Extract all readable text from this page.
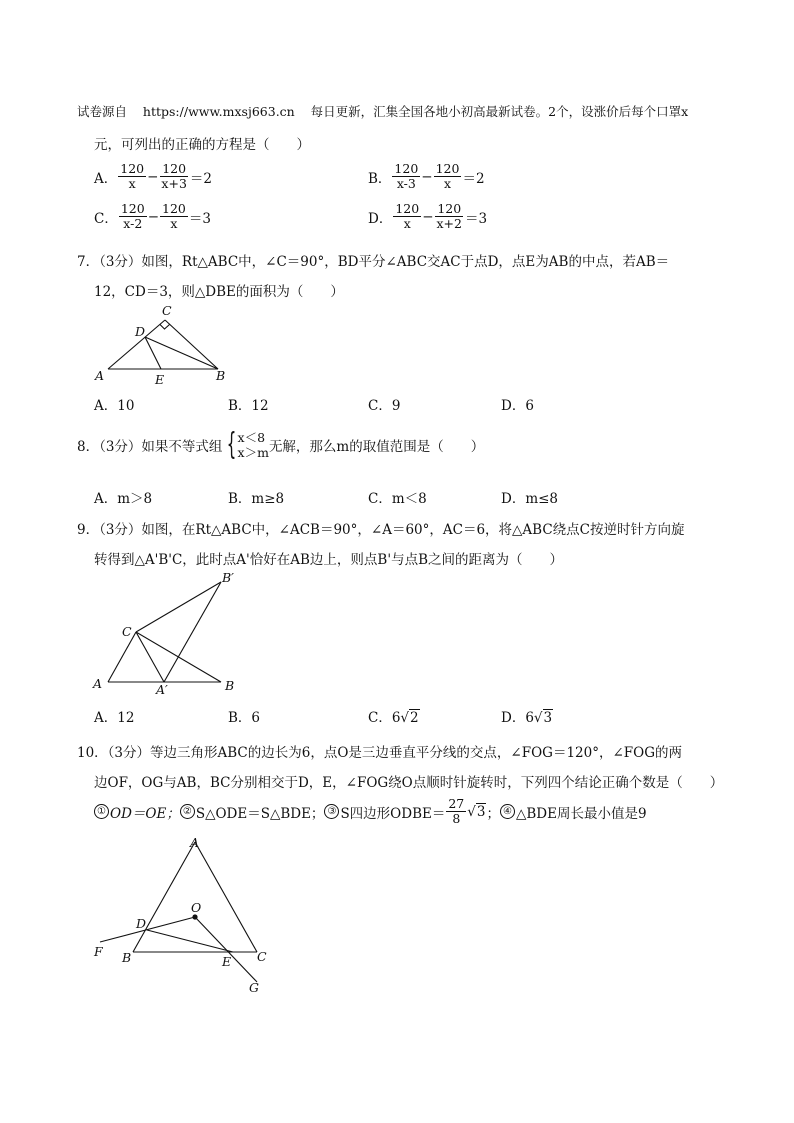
试卷源自 https://www.mxsj663.cn 每日更新，汇集全国各地小初高最新试卷。2个，设涨价后每个口罩x
元，可列出的正确的方程是（　　）
A． $\frac{120}{x} - \frac{120}{x+3} =2$	B． $\frac{120}{x-3} - \frac{120}{x} =2$
C． $\frac{120}{x-2} - \frac{120}{x} =3$	D． $\frac{120}{x} - \frac{120}{x+2} =3$
7．（3分）如图，Rt△ABC中，∠C＝90°，BD平分∠ABC交AC于点D，点E为AB的中点，若AB＝
12，CD＝3，则△DBE的面积为（　　）
C
D
A	E	B
A．10	B．12	C．9	D．6
8．（3分）如果不等式组 { x＜8
x＞m 无解，那么m的取值范围是（　　）
A．m＞8	B．m≥8	C．m＜8	D．m≤8
9．（3分）如图，在Rt△ABC中，∠ACB＝90°，∠A＝60°，AC＝6，将△ABC绕点C按逆时针方向旋
转得到△A'B'C，此时点A'恰好在AB边上，则点B'与点B之间的距离为（　　）
B′
C
A	A′	B
A．12	B．6	C．6√2	D．6√3
10．（3分）等边三角形ABC的边长为6，点O是三边垂直平分线的交点，∠FOG＝120°，∠FOG的两
边OF，OG与AB，BC分别相交于D，E，∠FOG绕O点顺时针旋转时，下列四个结论正确个数是（　　）
① OD＝OE； ② S△ODE＝S△BDE； ③ S四边形ODBE＝ $\frac{27}{8}$ √ 3 ； ④ △BDE周长最小值是9
A
O
D
F B	E C
G
